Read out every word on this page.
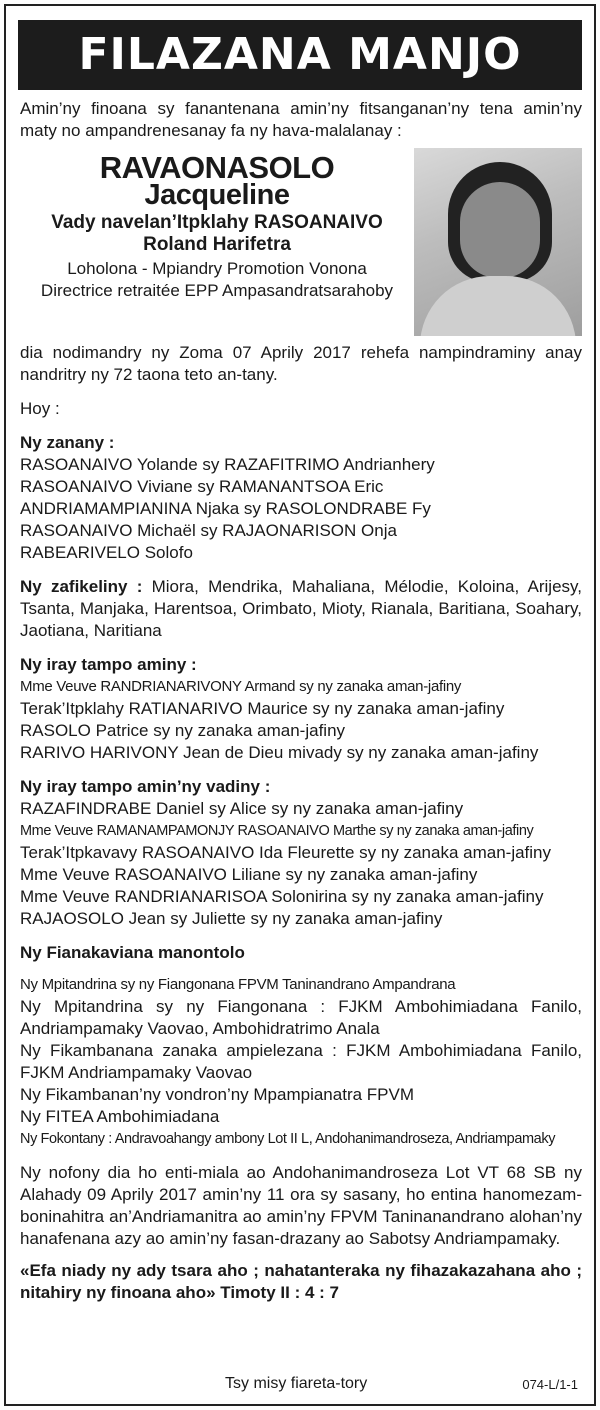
FILAZANA MANJO

Amin’ny finoana sy fanantenana amin’ny fitsanganan’ny tena amin’ny maty no ampandrenesanay fa ny hava-malalanay :

RAVAONASOLO
Jacqueline
Vady navelan’Itpklahy RASOANAIVO
Roland Harifetra
Loholona - Mpiandry Promotion Vonona
Directrice retraitée EPP Ampasandratsarahoby

dia nodimandry ny Zoma 07 Aprily 2017 rehefa nampindraminy anay nandritry ny 72 taona teto an-tany.

Hoy :

Ny zanany :
RASOANAIVO Yolande sy RAZAFITRIMO Andrianhery
RASOANAIVO Viviane sy RAMANANTSOA Eric
ANDRIAMAMPIANINA Njaka sy RASOLONDRABE Fy
RASOANAIVO Michaël sy RAJAONARISON Onja
RABEARIVELO Solofo
Ny zafikeliny : Miora, Mendrika, Mahaliana, Mélodie, Koloina, Arijesy, Tsanta, Manjaka, Harentsoa, Orimbato, Mioty, Rianala, Baritiana, Soahary, Jaotiana, Naritiana
Ny iray tampo aminy :
Mme Veuve RANDRIANARIVONY Armand sy ny zanaka aman-jafiny
Terak’Itpklahy RATIANARIVO Maurice sy ny zanaka aman-jafiny
RASOLO Patrice sy ny zanaka aman-jafiny
RARIVO HARIVONY Jean de Dieu mivady sy ny zanaka aman-jafiny
Ny iray tampo amin’ny vadiny :
RAZAFINDRABE Daniel sy Alice sy ny zanaka aman-jafiny
Mme Veuve RAMANAMPAMONJY RASOANAIVO Marthe sy ny zanaka aman-jafiny
Terak’Itpkavavy RASOANAIVO Ida Fleurette sy ny zanaka aman-jafiny
Mme Veuve RASOANAIVO Liliane sy ny zanaka aman-jafiny
Mme Veuve RANDRIANARISOA Solonirina sy ny zanaka aman-jafiny
RAJAOSOLO Jean sy Juliette sy ny zanaka aman-jafiny
Ny Fianakaviana manontolo
Ny Mpitandrina sy ny Fiangonana FPVM Taninandrano Ampandrana
Ny Mpitandrina sy ny Fiangonana : FJKM Ambohimiadana Fanilo, Andriampamaky Vaovao, Ambohidratrimo Anala
Ny Fikambanana zanaka ampielezana : FJKM Ambohimiadana Fanilo, FJKM Andriampamaky Vaovao
Ny Fikambanan’ny vondron’ny Mpampianatra FPVM
Ny FITEA Ambohimiadana
Ny Fokontany : Andravoahangy ambony Lot II L, Andohanimandroseza, Andriampamaky

Ny nofony dia ho enti-miala ao Andohanimandroseza Lot VT 68 SB ny Alahady 09 Aprily 2017 amin’ny 11 ora sy sasany, ho entina hanomezam-boninahitra an’Andriamanitra ao amin’ny FPVM Taninanandrano alohan’ny hanafenana azy ao amin’ny fasan-drazany ao Sabotsy Andriampamaky.

«Efa niady ny ady tsara aho ; nahatanteraka ny fihazakazahana aho ; nitahiry ny finoana aho» Timoty II : 4 : 7

Tsy misy fiareta-tory	074-L/1-1
